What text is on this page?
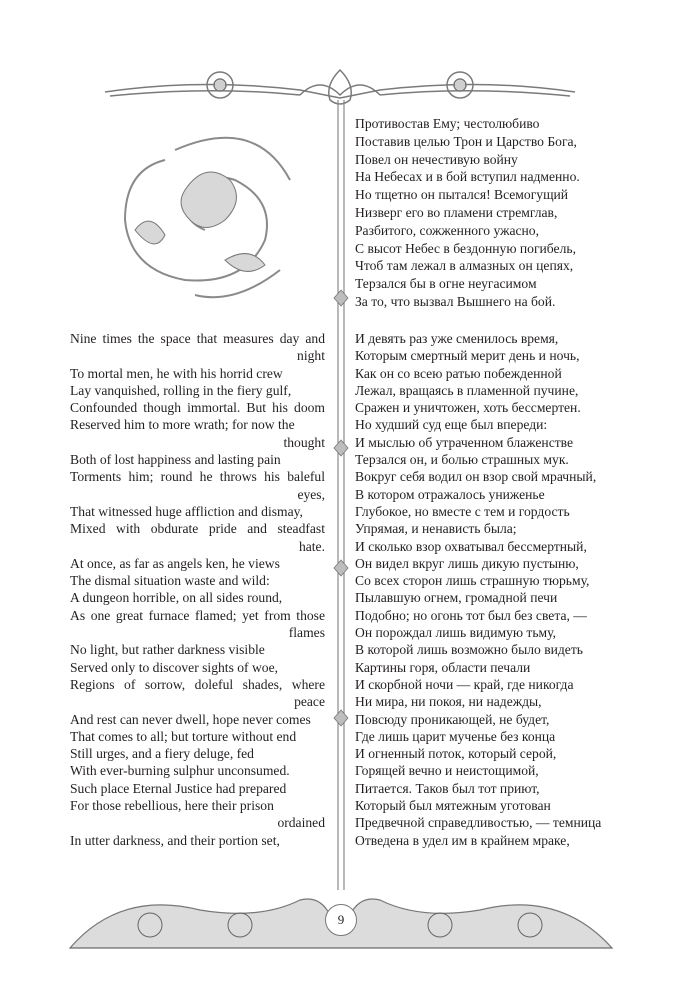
9
Nine times the space that measures day and
night
To mortal men, he with his horrid crew
Lay vanquished, rolling in the fiery gulf,
Confounded though immortal. But his doom
Reserved him to more wrath; for now the
thought
Both of lost happiness and lasting pain
Torments him; round he throws his baleful
eyes,
That witnessed huge affliction and dismay,
Mixed with obdurate pride and steadfast
hate.
At once, as far as angels ken, he views
The dismal situation waste and wild:
A dungeon horrible, on all sides round,
As one great furnace flamed; yet from those
flames
No light, but rather darkness visible
Served only to discover sights of woe,
Regions of sorrow, doleful shades, where
peace
And rest can never dwell, hope never comes
That comes to all; but torture without end
Still urges, and a fiery deluge, fed
With ever-burning sulphur unconsumed.
Such place Eternal Justice had prepared
For those rebellious, here their prison
ordained
In utter darkness, and their portion set,
Противостав Ему; честолюбиво
Поставив целью Трон и Царство Бога,
Повел он нечестивую войну
На Небесах и в бой вступил надменно.
Но тщетно он пытался! Всемогущий
Низверг его во пламени стремглав,
Разбитого, сожженного ужасно,
С высот Небес в бездонную погибель,
Чтоб там лежал в алмазных он цепях,
Терзался бы в огне неугасимом
За то, что вызвал Вышнего на бой.
И девять раз уже сменилось время,
Которым смертный мерит день и ночь,
Как он со всею ратью побежденной
Лежал, вращаясь в пламенной пучине,
Сражен и уничтожен, хоть бессмертен.
Но худший суд еще был впереди:
И мыслью об утраченном блаженстве
Терзался он, и болью страшных мук.
Вокруг себя водил он взор свой мрачный,
В котором отражалось униженье
Глубокое, но вместе с тем и гордость
Упрямая, и ненависть была;
И сколько взор охватывал бессмертный,
Он видел вкруг лишь дикую пустыню,
Со всех сторон лишь страшную тюрьму,
Пылавшую огнем, громадной печи
Подобно; но огонь тот был без света, —
Он порождал лишь видимую тьму,
В которой лишь возможно было видеть
Картины горя, области печали
И скорбной ночи — край, где никогда
Ни мира, ни покоя, ни надежды,
Повсюду проникающей, не будет,
Где лишь царит мученье без конца
И огненный поток, который серой,
Горящей вечно и неистощимой,
Питается. Таков был тот приют,
Который был мятежным уготован
Предвечной справедливостью, — темница
Отведена в удел им в крайнем мраке,
